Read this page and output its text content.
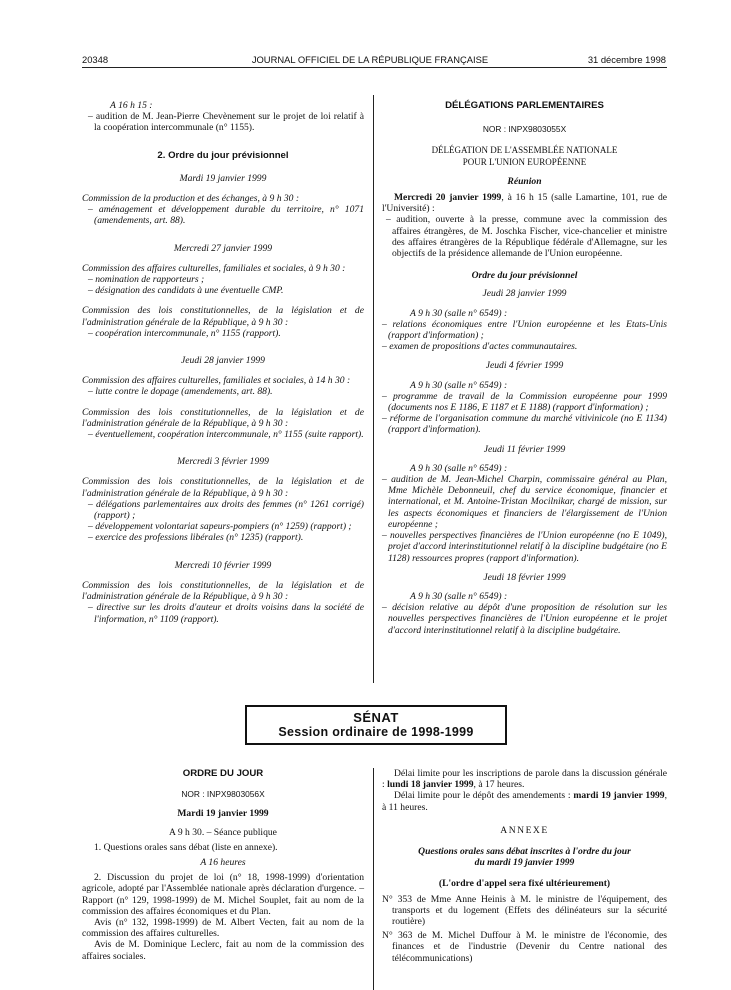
20348	JOURNAL OFFICIEL DE LA RÉPUBLIQUE FRANÇAISE	31 décembre 1998

A 16 h 15 :

– audition de M. Jean-Pierre Chevènement sur le projet de loi relatif à la coopération intercommunale (n° 1155).

2. Ordre du jour prévisionnel

Mardi 19 janvier 1999

Commission de la production et des échanges, à 9 h 30 :

– aménagement et développement durable du territoire, n° 1071 (amendements, art. 88).

Mercredi 27 janvier 1999

Commission des affaires culturelles, familiales et sociales, à 9 h 30 :

– nomination de rapporteurs ;

– désignation des candidats à une éventuelle CMP.

Commission des lois constitutionnelles, de la législation et de l'administration générale de la République, à 9 h 30 :

– coopération intercommunale, n° 1155 (rapport).

Jeudi 28 janvier 1999

Commission des affaires culturelles, familiales et sociales, à 14 h 30 :

– lutte contre le dopage (amendements, art. 88).

Commission des lois constitutionnelles, de la législation et de l'administration générale de la République, à 9 h 30 :

– éventuellement, coopération intercommunale, n° 1155 (suite rapport).

Mercredi 3 février 1999

Commission des lois constitutionnelles, de la législation et de l'administration générale de la République, à 9 h 30 :

– délégations parlementaires aux droits des femmes (n° 1261 corrigé) (rapport) ;

– développement volontariat sapeurs-pompiers (n° 1259) (rapport) ;

– exercice des professions libérales (n° 1235) (rapport).

Mercredi 10 février 1999

Commission des lois constitutionnelles, de la législation et de l'administration générale de la République, à 9 h 30 :

– directive sur les droits d'auteur et droits voisins dans la société de l'information, n° 1109 (rapport).

DÉLÉGATIONS PARLEMENTAIRES

NOR : INPX9803055X

DÉLÉGATION DE L'ASSEMBLÉE NATIONALE

POUR L'UNION EUROPÉENNE

Réunion

Mercredi 20 janvier 1999, à 16 h 15 (salle Lamartine, 101, rue de l'Université) :

– audition, ouverte à la presse, commune avec la commission des affaires étrangères, de M. Joschka Fischer, vice-chancelier et ministre des affaires étrangères de la République fédérale d'Allemagne, sur les objectifs de la présidence allemande de l'Union européenne.

Ordre du jour prévisionnel

Jeudi 28 janvier 1999

A 9 h 30 (salle n° 6549) :

– relations économiques entre l'Union européenne et les Etats-Unis (rapport d'information) ;

– examen de propositions d'actes communautaires.

Jeudi 4 février 1999

A 9 h 30 (salle n° 6549) :

– programme de travail de la Commission européenne pour 1999 (documents nos E 1186, E 1187 et E 1188) (rapport d'information) ;

– réforme de l'organisation commune du marché vitivinicole (no E 1134) (rapport d'information).

Jeudi 11 février 1999

A 9 h 30 (salle n° 6549) :

– audition de M. Jean-Michel Charpin, commissaire général au Plan, Mme Michèle Debonneuil, chef du service économique, financier et international, et M. Antoine-Tristan Mocilnikar, chargé de mission, sur les aspects économiques et financiers de l'élargissement de l'Union européenne ;

– nouvelles perspectives financières de l'Union européenne (no E 1049), projet d'accord interinstitutionnel relatif à la discipline budgétaire (no E 1128) ressources propres (rapport d'information).

Jeudi 18 février 1999

A 9 h 30 (salle n° 6549) :

– décision relative au dépôt d'une proposition de résolution sur les nouvelles perspectives financières de l'Union européenne et le projet d'accord interinstitutionnel relatif à la discipline budgétaire.

SÉNAT
Session ordinaire de 1998-1999

ORDRE DU JOUR

NOR : INPX9803056X

Mardi 19 janvier 1999

A 9 h 30. – Séance publique

1. Questions orales sans débat (liste en annexe).

A 16 heures

2. Discussion du projet de loi (n° 18, 1998-1999) d'orientation agricole, adopté par l'Assemblée nationale après déclaration d'urgence. – Rapport (n° 129, 1998-1999) de M. Michel Souplet, fait au nom de la commission des affaires économiques et du Plan.

Avis (n° 132, 1998-1999) de M. Albert Vecten, fait au nom de la commission des affaires culturelles.

Avis de M. Dominique Leclerc, fait au nom de la commission des affaires sociales.

Délai limite pour les inscriptions de parole dans la discussion générale : lundi 18 janvier 1999, à 17 heures.

Délai limite pour le dépôt des amendements : mardi 19 janvier 1999, à 11 heures.

ANNEXE

Questions orales sans débat inscrites à l'ordre du jour

du mardi 19 janvier 1999

(L'ordre d'appel sera fixé ultérieurement)

N° 353 de Mme Anne Heinis à M. le ministre de l'équipement, des transports et du logement (Effets des délinéateurs sur la sécurité routière)

N° 363 de M. Michel Duffour à M. le ministre de l'économie, des finances et de l'industrie (Devenir du Centre national des télécommunications)
